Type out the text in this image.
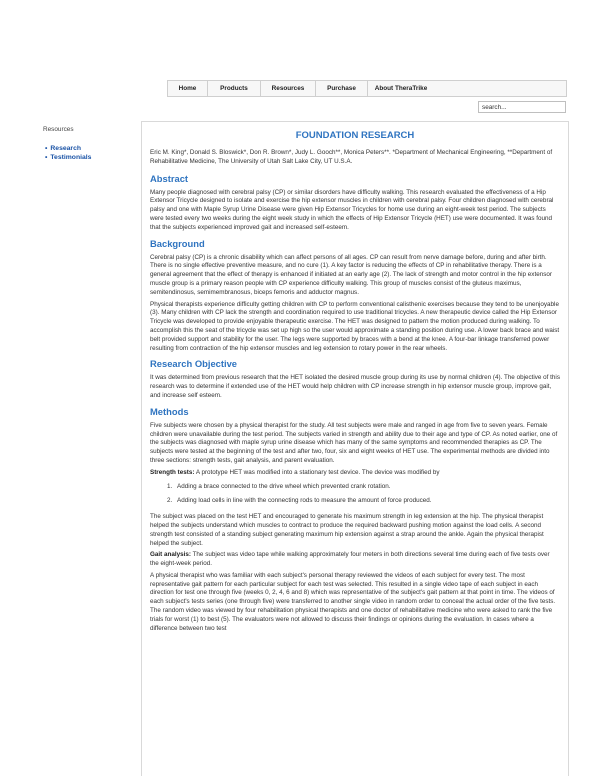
Home	Products	Resources	Purchase	About TheraTrike
search...
Resources
• Research
• Testimonials
FOUNDATION RESEARCH
Eric M. King*, Donald S. Bloswick*, Don R. Brown*, Judy L. Gooch**, Monica Peters**. *Department of Mechanical Engineering, **Department of Rehabilitative Medicine, The University of Utah Salt Lake City, UT U.S.A.
Abstract

Many people diagnosed with cerebral palsy (CP) or similar disorders have difficulty walking. This research evaluated the effectiveness of a Hip Extensor Tricycle designed to isolate and exercise the hip extensor muscles in children with cerebral palsy. Four children diagnosed with cerebral palsy and one with Maple Syrup Urine Disease were given Hip Extensor Tricycles for home use during an eight-week test period. The subjects were tested every two weeks during the eight week study in which the effects of Hip Extensor Tricycle (HET) use were documented. It was found that the subjects experienced improved gait and increased self-esteem.

Background

Cerebral palsy (CP) is a chronic disability which can affect persons of all ages. CP can result from nerve damage before, during and after birth. There is no single effective preventive measure, and no cure (1). A key factor is reducing the effects of CP in rehabilitative therapy. There is a general agreement that the effect of therapy is enhanced if initiated at an early age (2). The lack of strength and motor control in the hip extensor muscle group is a primary reason people with CP experience difficulty walking. This group of muscles consist of the gluteus maximus, semitendinosus, semimembranosus, biceps femoris and adductor magnus.

Physical therapists experience difficulty getting children with CP to perform conventional calisthenic exercises because they tend to be unenjoyable (3). Many children with CP lack the strength and coordination required to use traditional tricycles. A new therapeutic device called the Hip Extensor Tricycle was developed to provide enjoyable therapeutic exercise. The HET was designed to pattern the motion produced during walking. To accomplish this the seat of the tricycle was set up high so the user would approximate a standing position during use. A lower back brace and waist belt provided support and stability for the user. The legs were supported by braces with a bend at the knee. A four-bar linkage transferred power resulting from contraction of the hip extensor muscles and leg extension to rotary power in the rear wheels.

Research Objective

It was determined from previous research that the HET isolated the desired muscle group during its use by normal children (4). The objective of this research was to determine if extended use of the HET would help children with CP increase strength in hip extensor muscle group, improve gait, and increase self esteem.

Methods

Five subjects were chosen by a physical therapist for the study. All test subjects were male and ranged in age from five to seven years. Female children were unavailable during the test period. The subjects varied in strength and ability due to their age and type of CP. As noted earlier, one of the subjects was diagnosed with maple syrup urine disease which has many of the same symptoms and recommended therapies as CP. The subjects were tested at the beginning of the test and after two, four, six and eight weeks of HET use. The experimental methods are divided into three sections: strength tests, gait analysis, and parent evaluation.

Strength tests: A prototype HET was modified into a stationary test device. The device was modified by

1. Adding a brace connected to the drive wheel which prevented crank rotation.
2. Adding load cells in line with the connecting rods to measure the amount of force produced.

The subject was placed on the test HET and encouraged to generate his maximum strength in leg extension at the hip. The physical therapist helped the subjects understand which muscles to contract to produce the required backward pushing motion against the load cells. A second strength test consisted of a standing subject generating maximum hip extension against a strap around the ankle. Again the physical therapist helped the subject.

Gait analysis: The subject was video tape while walking approximately four meters in both directions several time during each of five tests over the eight-week period.

A physical therapist who was familiar with each subject's personal therapy reviewed the videos of each subject for every test. The most representative gait pattern for each particular subject for each test was selected. This resulted in a single video tape of each subject in each direction for test one through five (weeks 0, 2, 4, 6 and 8) which was representative of the subject's gait pattern at that point in time. The videos of each subject's tests series (one through five) were transferred to another single video in random order to conceal the actual order of the five tests. The random video was viewed by four rehabilitation physical therapists and one doctor of rehabilitative medicine who were asked to rank the five trials for worst (1) to best (5). The evaluators were not allowed to discuss their findings or opinions during the evaluation. In cases where a difference between two test
